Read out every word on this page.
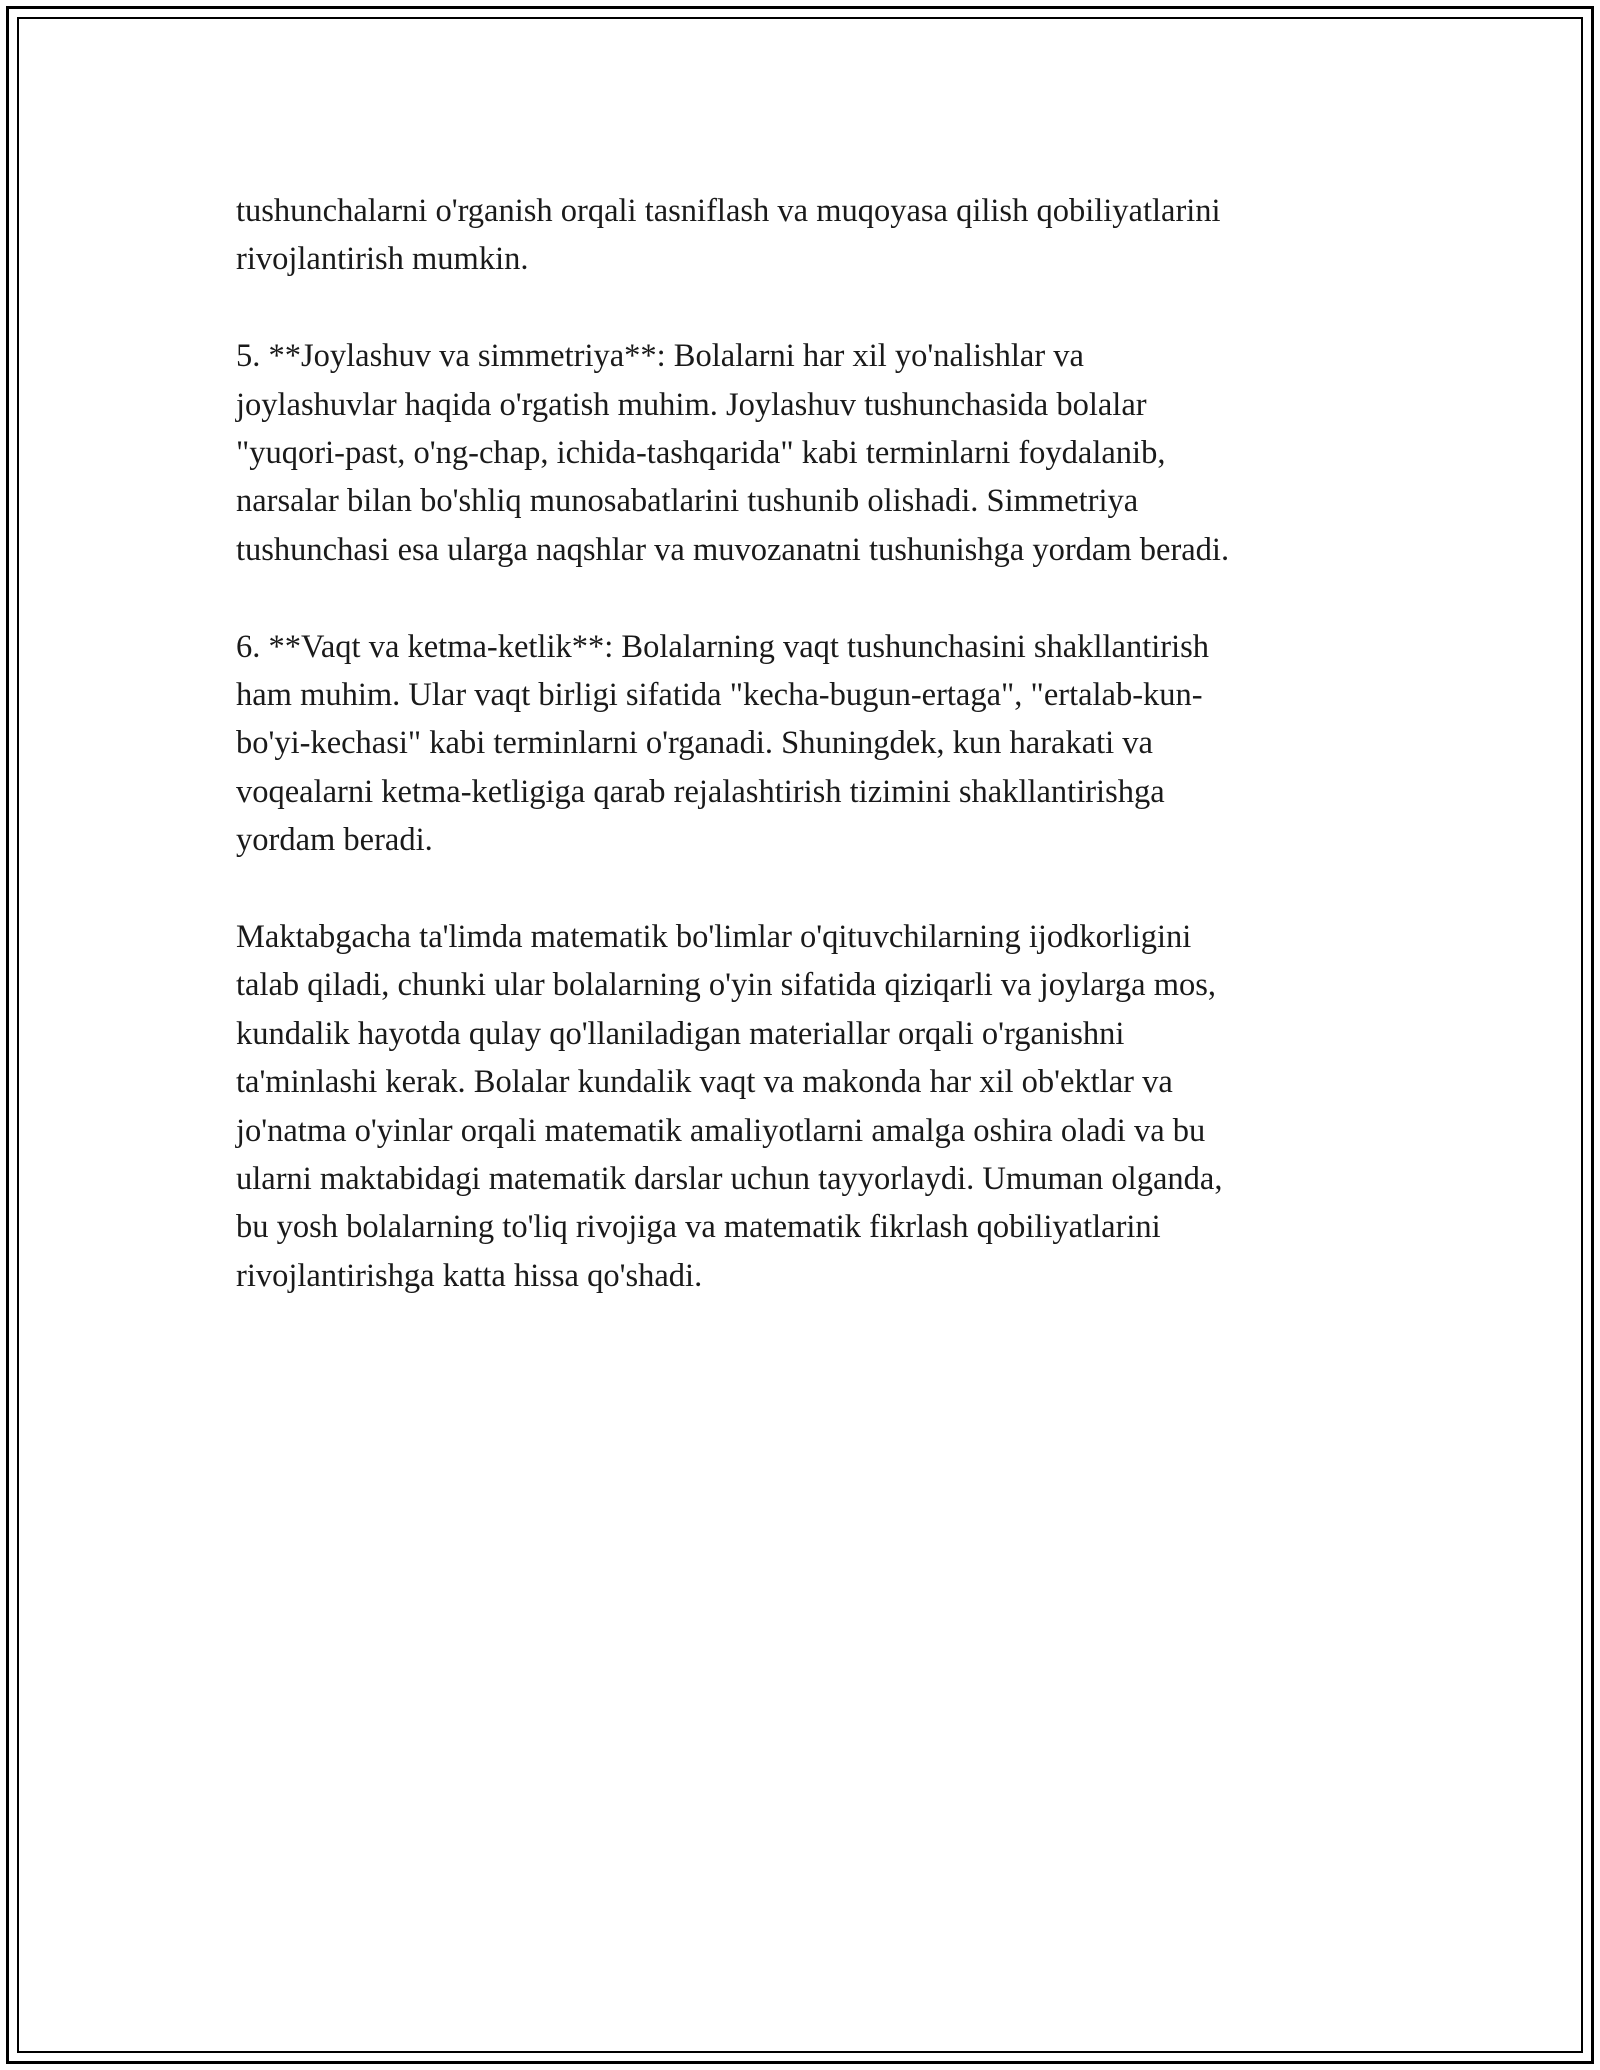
tushunchalarni o'rganish orqali tasniflash va muqoyasa qilish qobiliyatlarini
rivojlantirish mumkin.

5. **Joylashuv va simmetriya**: Bolalarni har xil yo'nalishlar va
joylashuvlar haqida o'rgatish muhim. Joylashuv tushunchasida bolalar
"yuqori-past, o'ng-chap, ichida-tashqarida" kabi terminlarni foydalanib,
narsalar bilan bo'shliq munosabatlarini tushunib olishadi. Simmetriya
tushunchasi esa ularga naqshlar va muvozanatni tushunishga yordam beradi.

6. **Vaqt va ketma-ketlik**: Bolalarning vaqt tushunchasini shakllantirish
ham muhim. Ular vaqt birligi sifatida "kecha-bugun-ertaga", "ertalab-kun-
bo'yi-kechasi" kabi terminlarni o'rganadi. Shuningdek, kun harakati va
voqealarni ketma-ketligiga qarab rejalashtirish tizimini shakllantirishga
yordam beradi.

Maktabgacha ta'limda matematik bo'limlar o'qituvchilarning ijodkorligini
talab qiladi, chunki ular bolalarning o'yin sifatida qiziqarli va joylarga mos,
kundalik hayotda qulay qo'llaniladigan materiallar orqali o'rganishni
ta'minlashi kerak. Bolalar kundalik vaqt va makonda har xil ob'ektlar va
jo'natma o'yinlar orqali matematik amaliyotlarni amalga oshira oladi va bu
ularni maktabidagi matematik darslar uchun tayyorlaydi. Umuman olganda,
bu yosh bolalarning to'liq rivojiga va matematik fikrlash qobiliyatlarini
rivojlantirishga katta hissa qo'shadi.
